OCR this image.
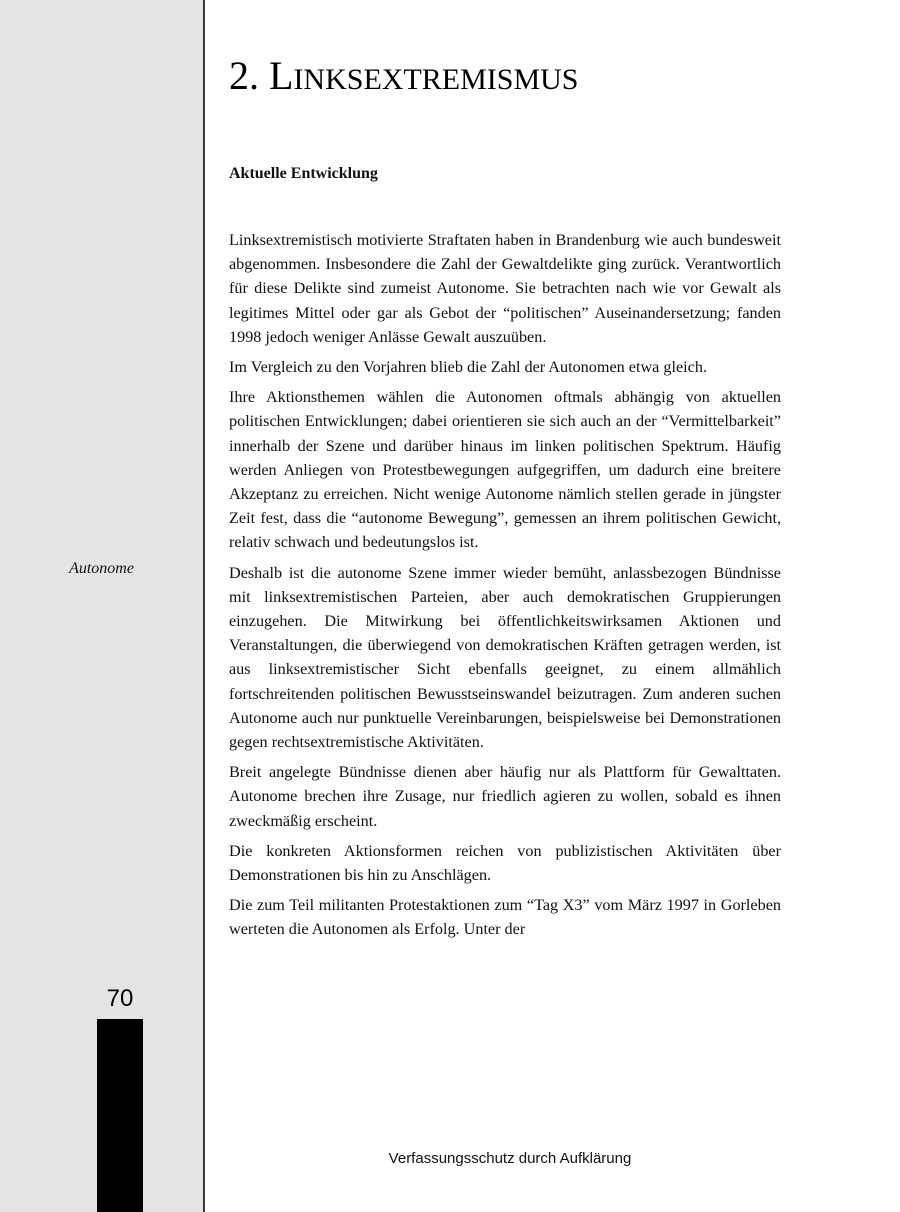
2. LINKSEXTREMISMUS
Aktuelle Entwicklung

Linksextremistisch motivierte Straftaten haben in Brandenburg wie auch bundesweit abgenommen. Insbesondere die Zahl der Gewaltdelikte ging zurück. Verantwortlich für diese Delikte sind zumeist Autonome. Sie betrachten nach wie vor Gewalt als legitimes Mittel oder gar als Gebot der “politischen” Auseinandersetzung; fanden 1998 jedoch weniger Anlässe Gewalt auszuüben.

Im Vergleich zu den Vorjahren blieb die Zahl der Autonomen etwa gleich.

Ihre Aktionsthemen wählen die Autonomen oftmals abhängig von aktuellen politischen Entwicklungen; dabei orientieren sie sich auch an der “Vermittelbarkeit” innerhalb der Szene und darüber hinaus im linken politischen Spektrum. Häufig werden Anliegen von Protestbewegungen aufgegriffen, um dadurch eine breitere Akzeptanz zu erreichen. Nicht wenige Autonome nämlich stellen gerade in jüngster Zeit fest, dass die “autonome Bewegung”, gemessen an ihrem politischen Gewicht, relativ schwach und bedeutungslos ist.

Deshalb ist die autonome Szene immer wieder bemüht, anlassbezogen Bündnisse mit linksextremistischen Parteien, aber auch demokratischen Gruppierungen einzugehen. Die Mitwirkung bei öffentlichkeitswirksamen Aktionen und Veranstaltungen, die überwiegend von demokratischen Kräften getragen werden, ist aus linksextremistischer Sicht ebenfalls geeignet, zu einem allmählich fortschreitenden politischen Bewusstseinswandel beizutragen. Zum anderen suchen Autonome auch nur punktuelle Vereinbarungen, beispielsweise bei Demonstrationen gegen rechtsextremistische Aktivitäten.

Breit angelegte Bündnisse dienen aber häufig nur als Plattform für Gewalttaten. Autonome brechen ihre Zusage, nur friedlich agieren zu wollen, sobald es ihnen zweckmäßig erscheint.

Die konkreten Aktionsformen reichen von publizistischen Aktivitäten über Demonstrationen bis hin zu Anschlägen.

Die zum Teil militanten Protestaktionen zum “Tag X3” vom März 1997 in Gorleben werteten die Autonomen als Erfolg. Unter der

Autonome
70
Verfassungsschutz durch Aufklärung
